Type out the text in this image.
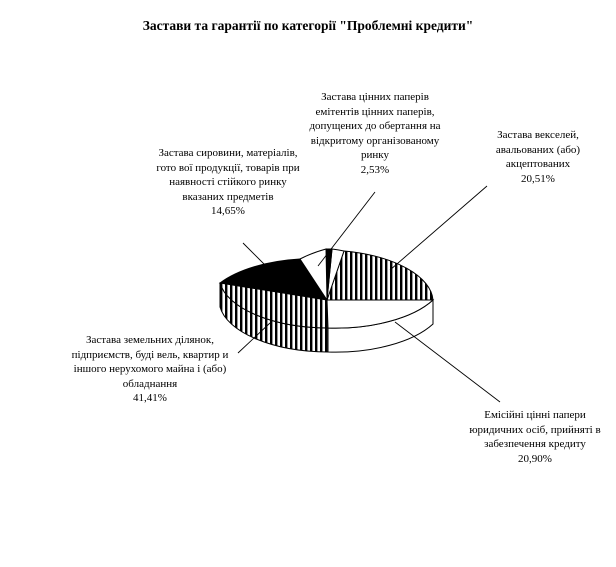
Застави та гарантії по категорії "Проблемні кредити"
Застава цінних паперів емітентів цінних паперів, допущених до обертання на відкритому організованому ринку
2,53%
Застава векселей, авальованих (або) акцептованих
20,51%
Емісійні цінні папери юридичних осіб, прийняті в забезпечення кредиту
20,90%
Застава земельних ділянок, підприємств, буді вель, квартир и іншого нерухомого майна і (або) обладнання
41,41%
Застава сировини, матеріалів, гото вої продукції, товарів при наявності стійкого ринку вказаних предметів
14,65%
